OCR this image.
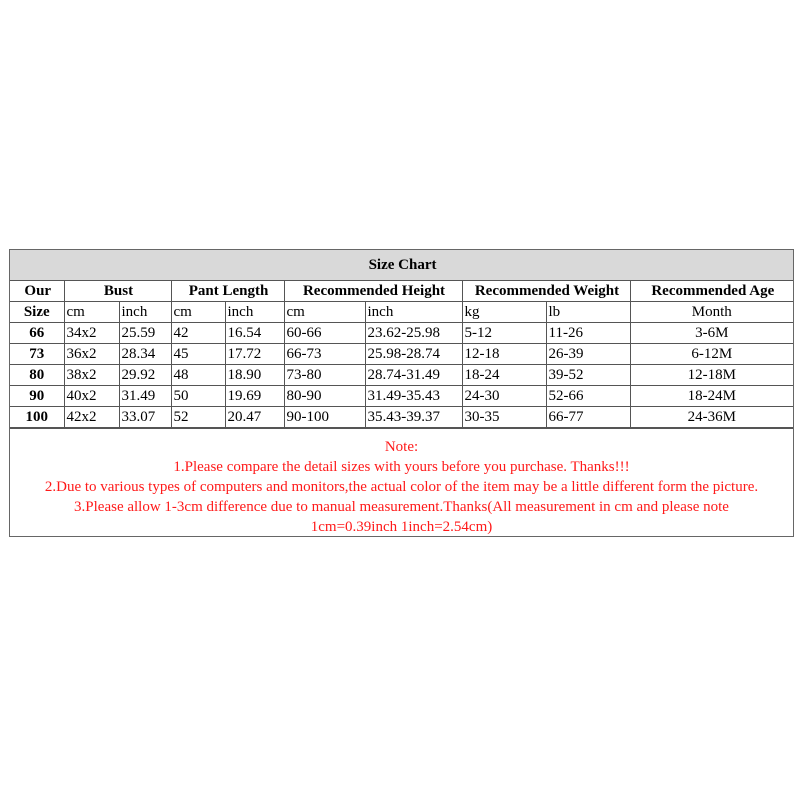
Size Chart									
Our	Bust		Pant Length		Recommended Height		Recommended Weight		Recommended Age
Size	cm	inch	cm	inch	cm	inch	kg	lb	Month
66	34x2	25.59	42	16.54	60-66	23.62-25.98	5-12	11-26	3-6M
73	36x2	28.34	45	17.72	66-73	25.98-28.74	12-18	26-39	6-12M
80	38x2	29.92	48	18.90	73-80	28.74-31.49	18-24	39-52	12-18M
90	40x2	31.49	50	19.69	80-90	31.49-35.43	24-30	52-66	18-24M
100	42x2	33.07	52	20.47	90-100	35.43-39.37	30-35	66-77	24-36M
Note:
1.Please compare the detail sizes with yours before you purchase. Thanks!!!
2.Due to various types of computers and monitors,the actual color of the item may be a little different form the picture.
3.Please allow 1-3cm difference due to manual measurement.Thanks(All measurement in cm and please note
1cm=0.39inch 1inch=2.54cm)
